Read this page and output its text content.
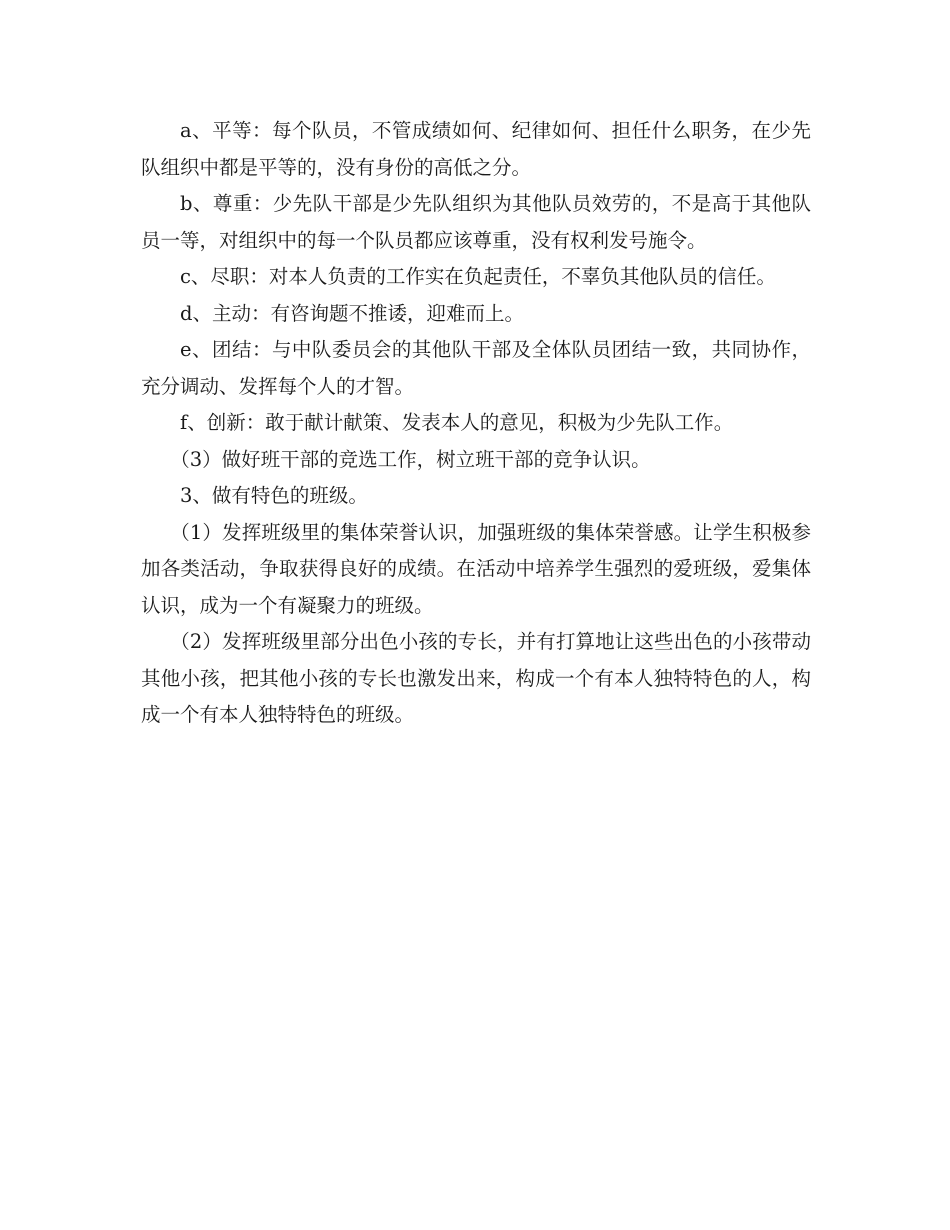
a、平等：每个队员，不管成绩如何、纪律如何、担任什么职务，在少先队组织中都是平等的，没有身份的高低之分。

b、尊重：少先队干部是少先队组织为其他队员效劳的，不是高于其他队员一等，对组织中的每一个队员都应该尊重，没有权利发号施令。

c、尽职：对本人负责的工作实在负起责任，不辜负其他队员的信任。

d、主动：有咨询题不推诿，迎难而上。

e、团结：与中队委员会的其他队干部及全体队员团结一致，共同协作，充分调动、发挥每个人的才智。

f、创新：敢于献计献策、发表本人的意见，积极为少先队工作。

（3）做好班干部的竞选工作，树立班干部的竞争认识。

3、做有特色的班级。

（1）发挥班级里的集体荣誉认识，加强班级的集体荣誉感。让学生积极参加各类活动，争取获得良好的成绩。在活动中培养学生强烈的爱班级，爱集体认识，成为一个有凝聚力的班级。

（2）发挥班级里部分出色小孩的专长，并有打算地让这些出色的小孩带动其他小孩，把其他小孩的专长也激发出来，构成一个有本人独特特色的人，构成一个有本人独特特色的班级。
